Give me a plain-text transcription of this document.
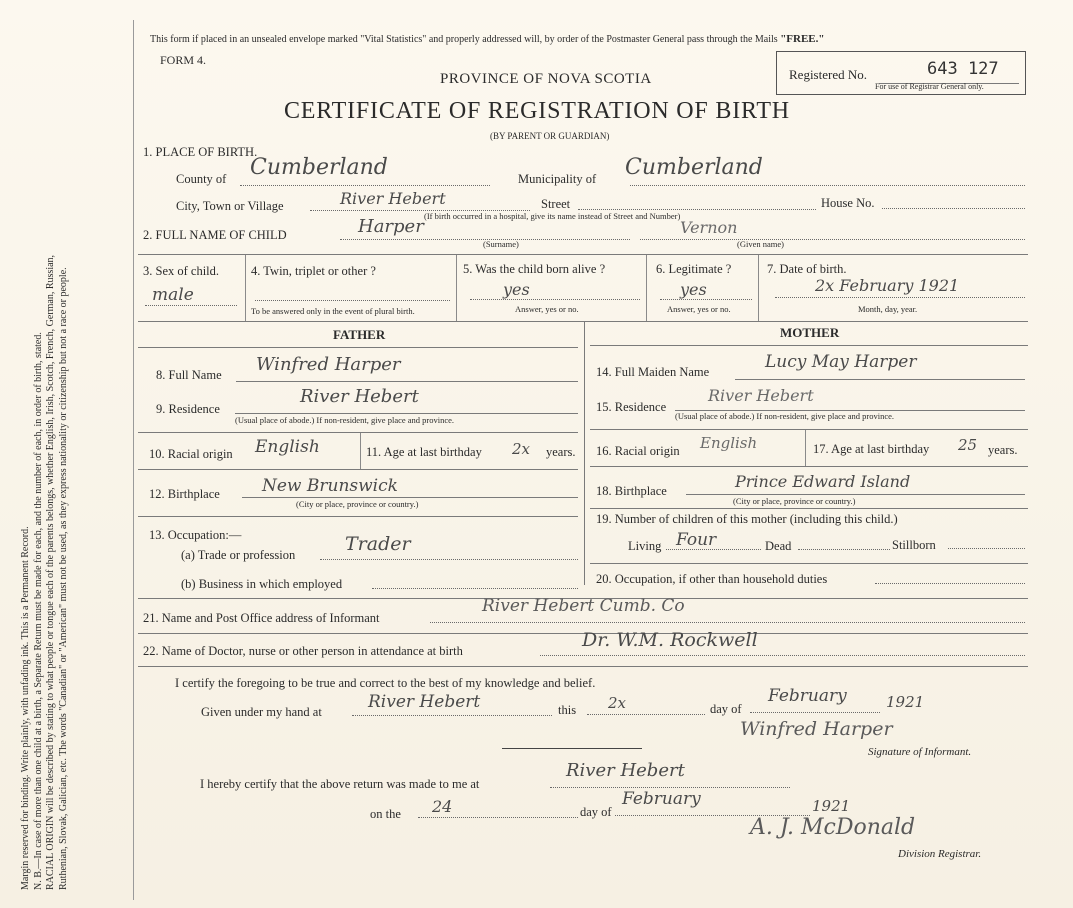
Margin reserved for binding. Write plainly, with unfading ink. This is a Permanent Record. N. B.—In case of more than one child at a birth, a Separate Return must be made for each, and the number of each, in order of birth, stated. RACIAL ORIGIN will be described by stating to what people or tongue each of the parents belongs, whether English, Irish, Scotch, French, German, Russian, Ruthenian, Slovak, Galician, etc. The words "Canadian" or "American" must not be used, as they express nationality or citizenship but not a race or people.
This form if placed in an unsealed envelope marked "Vital Statistics" and properly addressed will, by order of the Postmaster General pass through the Mails "FREE."
FORM 4.
PROVINCE OF NOVA SCOTIA
CERTIFICATE OF REGISTRATION OF BIRTH
(BY PARENT OR GUARDIAN)
Registered No.	643 127
For use of Registrar General only.
1. PLACE OF BIRTH.
County of Cumberland	Municipality of Cumberland
City, Town or Village	River Hebert	Street	House No.
(If birth occurred in a hospital, give its name instead of Street and Number)
2. FULL NAME OF CHILD	Harper
(Surname)
Vernon
(Given name)
3. Sex of child.
male
4. Twin, triplet or other ?
To be answered only in the event of plural birth.
5. Was the child born alive ?
yes
Answer, yes or no.
6. Legitimate ?
yes
Answer, yes or no.
7. Date of birth.
2x February 1921
Month, day, year.
FATHER	MOTHER
8. Full Name Winfred Harper
9. Residence
River Hebert
(Usual place of abode.) If non-resident, give place and province.
10. Racial origin English	11. Age at last birthday 2x years.
12. Birthplace New Brunswick
(City or place, province or country.)
13. Occupation:—
(a) Trade or profession	Trader
(b) Business in which employed
14. Full Maiden Name	Lucy May Harper
15. Residence
River Hebert
(Usual place of abode.) If non-resident, give place and province.
16. Racial origin English	17. Age at last birthday 25 years.
18. Birthplace	Prince Edward Island
(City or place, province or country.)
19. Number of children of this mother (including this child.)
Living Four	Dead	Stillborn
20. Occupation, if other than household duties
21. Name and Post Office address of Informant
River Hebert Cumb. Co
22. Name of Doctor, nurse or other person in attendance at birth	Dr. W.M. Rockwell
I certify the foregoing to be true and correct to the best of my knowledge and belief.
Given under my hand at	River Hebert	this 2x	day of
February	1921
Winfred Harper
Signature of Informant.
I hereby certify that the above return was made to me at
River Hebert
on the 24	day of
February	1921
A. J. McDonald
Division Registrar.
